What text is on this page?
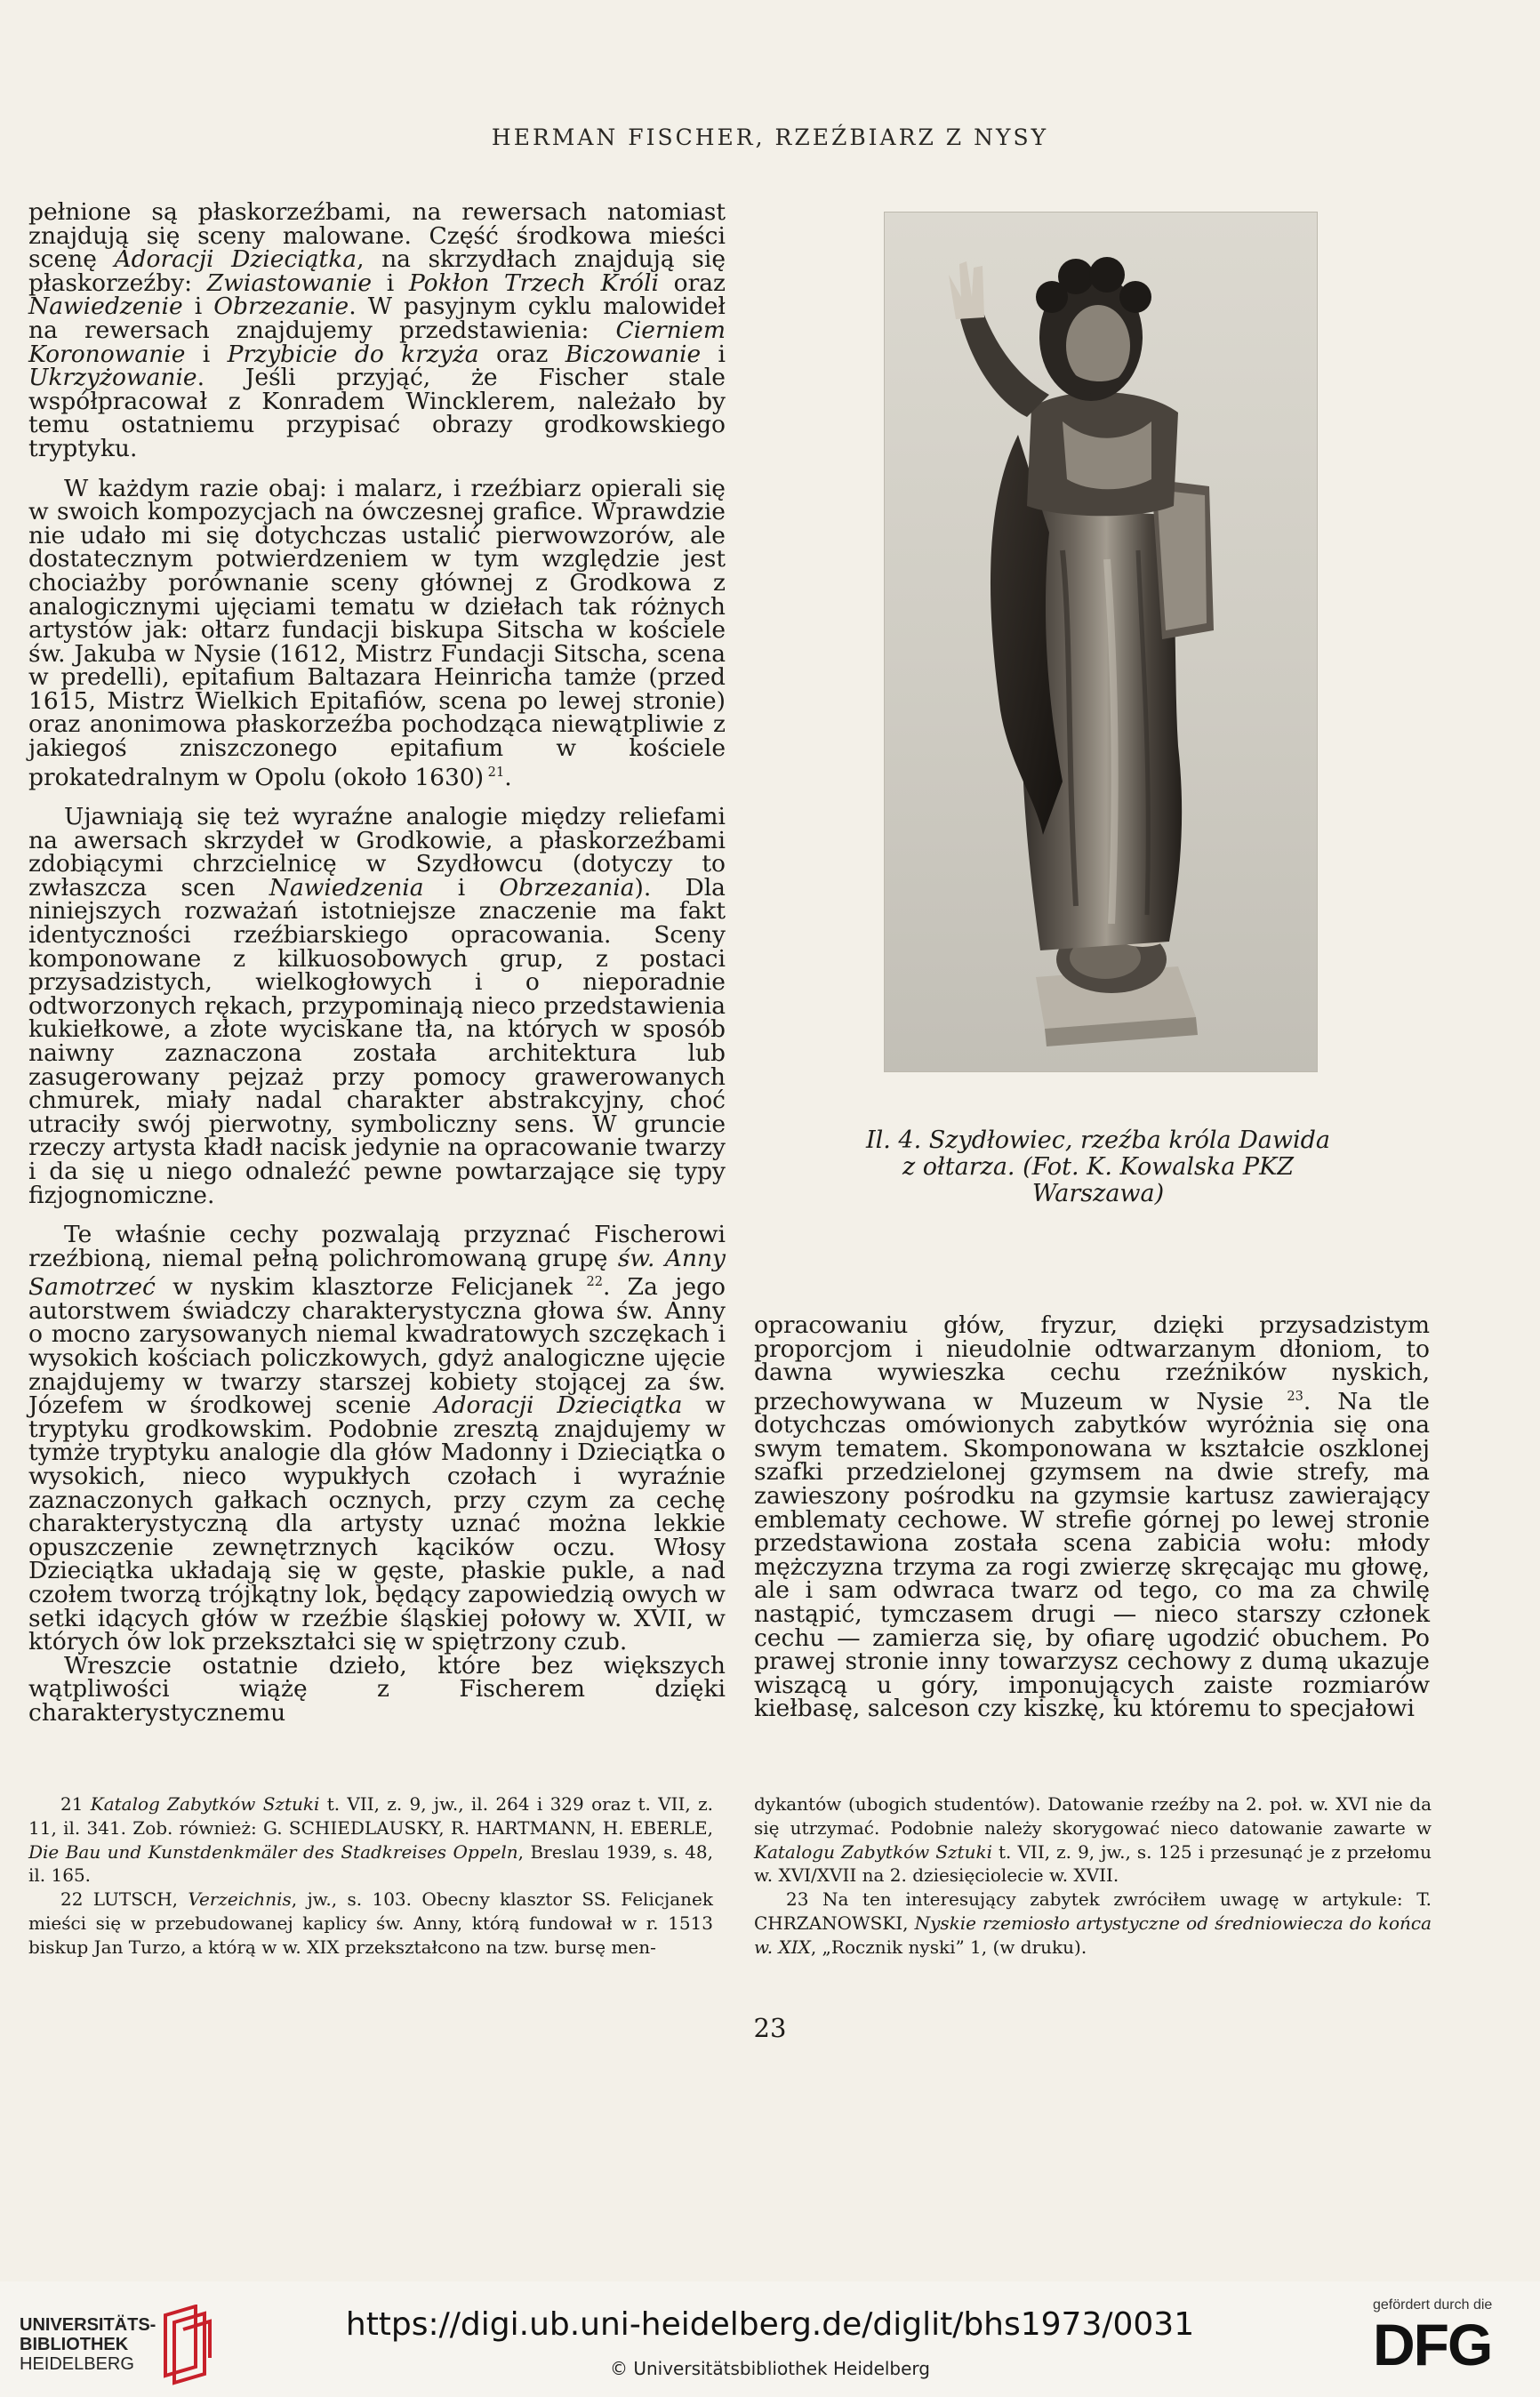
HERMAN FISCHER, RZEŹBIARZ Z NYSY

pełnione są płaskorzeźbami, na rewersach natomiast znajdują się sceny malowane. Część środkowa mieści scenę Adoracji Dzieciątka, na skrzydłach znajdują się płaskorzeźby: Zwiastowanie i Pokłon Trzech Króli oraz Nawiedzenie i Obrzezanie. W pasyjnym cyklu malowideł na rewersach znajdujemy przedstawienia: Cierniem Koronowanie i Przybicie do krzyża oraz Biczowanie i Ukrzyżowanie. Jeśli przyjąć, że Fischer stale współpracował z Konradem Wincklerem, należało by temu ostatniemu przypisać obrazy grodkowskiego tryptyku.

W każdym razie obaj: i malarz, i rzeźbiarz opierali się w swoich kompozycjach na ówczesnej grafice. Wprawdzie nie udało mi się dotychczas ustalić pierwowzorów, ale dostatecznym potwierdzeniem w tym względzie jest chociażby porównanie sceny głównej z Grodkowa z analogicznymi ujęciami tematu w dziełach tak różnych artystów jak: ołtarz fundacji biskupa Sitscha w kościele św. Jakuba w Nysie (1612, Mistrz Fundacji Sitscha, scena w predelli), epitafium Baltazara Heinricha tamże (przed 1615, Mistrz Wielkich Epitafiów, scena po lewej stronie) oraz anonimowa płaskorzeźba pochodząca niewątpliwie z jakiegoś zniszczonego epitafium w kościele prokatedralnym w Opolu (około 1630) $^{21}$.

Ujawniają się też wyraźne analogie między reliefami na awersach skrzydeł w Grodkowie, a płaskorzeźbami zdobiącymi chrzcielnicę w Szydłowcu (dotyczy to zwłaszcza scen Nawiedzenia i Obrzezania). Dla niniejszych rozważań istotniejsze znaczenie ma fakt identyczności rzeźbiarskiego opracowania. Sceny komponowane z kilkuosobowych grup, z postaci przysadzistych, wielkogłowych i o nieporadnie odtworzonych rękach, przypominają nieco przedstawienia kukiełkowe, a złote wyciskane tła, na których w sposób naiwny zaznaczona została architektura lub zasugerowany pejzaż przy pomocy grawerowanych chmurek, miały nadal charakter abstrakcyjny, choć utraciły swój pierwotny, symboliczny sens. W gruncie rzeczy artysta kładł nacisk jedynie na opracowanie twarzy i da się u niego odnaleźć pewne powtarzające się typy fizjognomiczne.

Te właśnie cechy pozwalają przyznać Fischerowi rzeźbioną, niemal pełną polichromowaną grupę św. Anny Samotrzeć w nyskim klasztorze Felicjanek $^{22}$. Za jego autorstwem świadczy charakterystyczna głowa św. Anny o mocno zarysowanych niemal kwadratowych szczękach i wysokich kościach policzkowych, gdyż analogiczne ujęcie znajdujemy w twarzy starszej kobiety stojącej za św. Józefem w środkowej scenie Adoracji Dzieciątka w tryptyku grodkowskim. Podobnie zresztą znajdujemy w tymże tryptyku analogie dla głów Madonny i Dzieciątka o wysokich, nieco wypukłych czołach i wyraźnie zaznaczonych gałkach ocznych, przy czym za cechę charakterystyczną dla artysty uznać można lekkie opuszczenie zewnętrznych kącików oczu. Włosy Dzieciątka układają się w gęste, płaskie pukle, a nad czołem tworzą trójkątny lok, będący zapowiedzią owych w setki idących głów w rzeźbie śląskiej połowy w. XVII, w których ów lok przekształci się w spiętrzony czub.

Wreszcie ostatnie dzieło, które bez większych wątpliwości wiążę z Fischerem dzięki charakterystycznemu

Il. 4. Szydłowiec, rzeźba króla Dawida
z ołtarza. (Fot. K. Kowalska PKZ
Warszawa)

opracowaniu głów, fryzur, dzięki przysadzistym proporcjom i nieudolnie odtwarzanym dłoniom, to dawna wywieszka cechu rzeźników nyskich, przechowywana w Muzeum w Nysie $^{23}$. Na tle dotychczas omówionych zabytków wyróżnia się ona swym tematem. Skomponowana w kształcie oszklonej szafki przedzielonej gzymsem na dwie strefy, ma zawieszony pośrodku na gzymsie kartusz zawierający emblematy cechowe. W strefie górnej po lewej stronie przedstawiona została scena zabicia wołu: młody mężczyzna trzyma za rogi zwierzę skręcając mu głowę, ale i sam odwraca twarz od tego, co ma za chwilę nastąpić, tymczasem drugi — nieco starszy członek cechu — zamierza się, by ofiarę ugodzić obuchem. Po prawej stronie inny towarzysz cechowy z dumą ukazuje wiszącą u góry, imponujących zaiste rozmiarów kiełbasę, salceson czy kiszkę, ku któremu to specjałowi

21 Katalog Zabytków Sztuki t. VII, z. 9, jw., il. 264 i 329 oraz t. VII, z. 11, il. 341. Zob. również: G. SCHIEDLAUSKY, R. HARTMANN, H. EBERLE, Die Bau und Kunstdenkmäler des Stadkreises Oppeln, Breslau 1939, s. 48, il. 165.

22 LUTSCH, Verzeichnis, jw., s. 103. Obecny klasztor SS. Felicjanek mieści się w przebudowanej kaplicy św. Anny, którą fundował w r. 1513 biskup Jan Turzo, a którą w w. XIX przekształcono na tzw. bursę men-

dykantów (ubogich studentów). Datowanie rzeźby na 2. poł. w. XVI nie da się utrzymać. Podobnie należy skorygować nieco datowanie zawarte w Katalogu Zabytków Sztuki t. VII, z. 9, jw., s. 125 i przesunąć je z przełomu w. XVI/XVII na 2. dziesięciolecie w. XVII.

23 Na ten interesujący zabytek zwróciłem uwagę w artykule: T. CHRZANOWSKI, Nyskie rzemiosło artystyczne od średniowiecza do końca w. XIX, „Rocznik nyski” 1, (w druku).

23
UNIVERSITÄTS-
BIBLIOTHEK
HEIDELBERG
https://digi.ub.uni-heidelberg.de/diglit/bhs1973/0031
© Universitätsbibliothek Heidelberg
gefördert durch die
DFG
